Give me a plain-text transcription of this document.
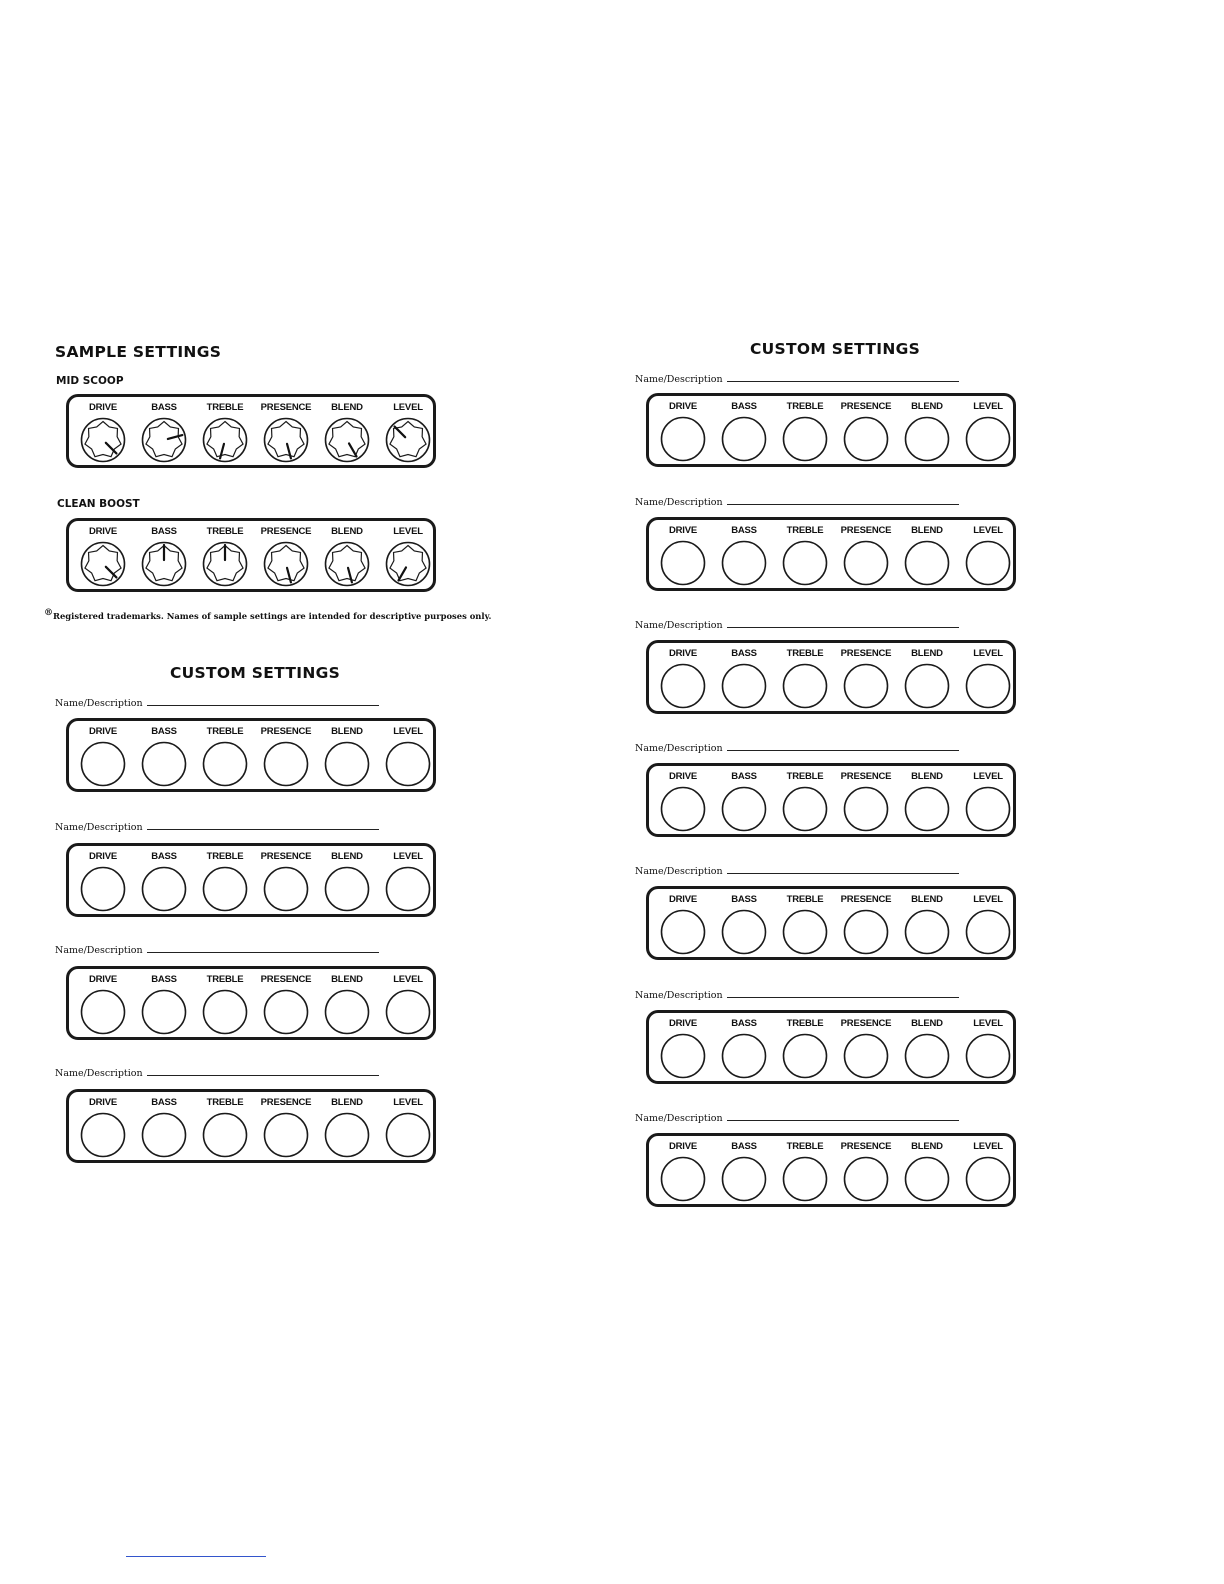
SAMPLE SETTINGS
MID SCOOP
DRIVE	BASS	TREBLE	PRESENCE	BLEND	LEVEL
CLEAN BOOST
DRIVE	BASS	TREBLE	PRESENCE	BLEND	LEVEL
®Registered trademarks. Names of sample settings are intended for descriptive purposes only.
CUSTOM SETTINGS
Name/Description
DRIVE	BASS	TREBLE	PRESENCE	BLEND	LEVEL
Name/Description
DRIVE	BASS	TREBLE	PRESENCE	BLEND	LEVEL
Name/Description
DRIVE	BASS	TREBLE	PRESENCE	BLEND	LEVEL
Name/Description
DRIVE	BASS	TREBLE	PRESENCE	BLEND	LEVEL
CUSTOM SETTINGS
Name/Description
DRIVE	BASS	TREBLE	PRESENCE	BLEND	LEVEL
Name/Description
DRIVE	BASS	TREBLE	PRESENCE	BLEND	LEVEL
Name/Description
DRIVE	BASS	TREBLE	PRESENCE	BLEND	LEVEL
Name/Description
DRIVE	BASS	TREBLE	PRESENCE	BLEND	LEVEL
Name/Description
DRIVE	BASS	TREBLE	PRESENCE	BLEND	LEVEL
Name/Description
DRIVE	BASS	TREBLE	PRESENCE	BLEND	LEVEL
Name/Description
DRIVE	BASS	TREBLE	PRESENCE	BLEND	LEVEL
